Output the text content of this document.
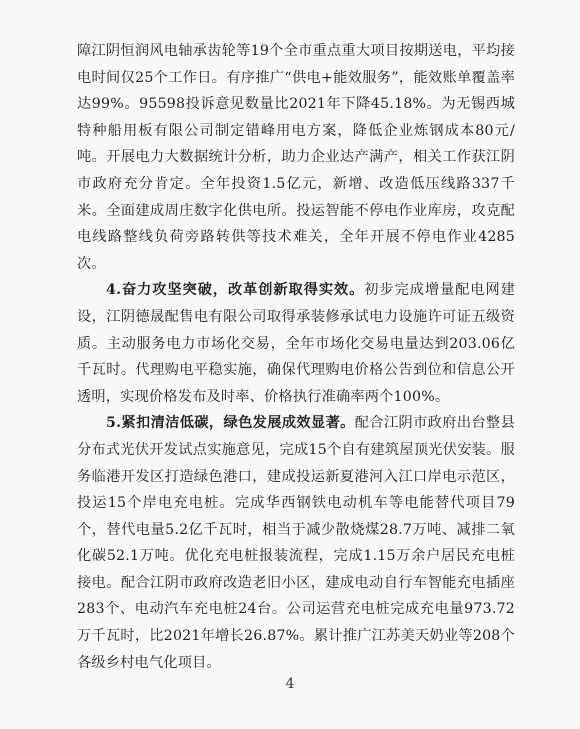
障江阴恒润风电轴承齿轮等19个全市重点重大项目按期送电，平均接电时间仅25个工作日。有序推广“供电+能效服务”，能效账单覆盖率达99%。95598投诉意见数量比2021年下降45.18%。为无锡西城特种船用板有限公司制定错峰用电方案，降低企业炼钢成本80元/吨。开展电力大数据统计分析，助力企业达产满产，相关工作获江阴市政府充分肯定。全年投资1.5亿元，新增、改造低压线路337千米。全面建成周庄数字化供电所。投运智能不停电作业库房，攻克配电线路整线负荷旁路转供等技术难关，全年开展不停电作业4285次。

4.奋力攻坚突破，改革创新取得实效。初步完成增量配电网建设，江阴德晟配售电有限公司取得承装修承试电力设施许可证五级资质。主动服务电力市场化交易，全年市场化交易电量达到203.06亿千瓦时。代理购电平稳实施，确保代理购电价格公告到位和信息公开透明，实现价格发布及时率、价格执行准确率两个100%。

5.紧扣清洁低碳，绿色发展成效显著。配合江阴市政府出台整县分布式光伏开发试点实施意见，完成15个自有建筑屋顶光伏安装。服务临港开发区打造绿色港口，建成投运新夏港河入江口岸电示范区，投运15个岸电充电桩。完成华西钢铁电动机车等电能替代项目79个，替代电量5.2亿千瓦时，相当于减少散烧煤28.7万吨、减排二氧化碳52.1万吨。优化充电桩报装流程，完成1.15万余户居民充电桩接电。配合江阴市政府改造老旧小区，建成电动自行车智能充电插座283个、电动汽车充电桩24台。公司运营充电桩完成充电量973.72万千瓦时，比2021年增长26.87%。累计推广江苏美天奶业等208个各级乡村电气化项目。

4
